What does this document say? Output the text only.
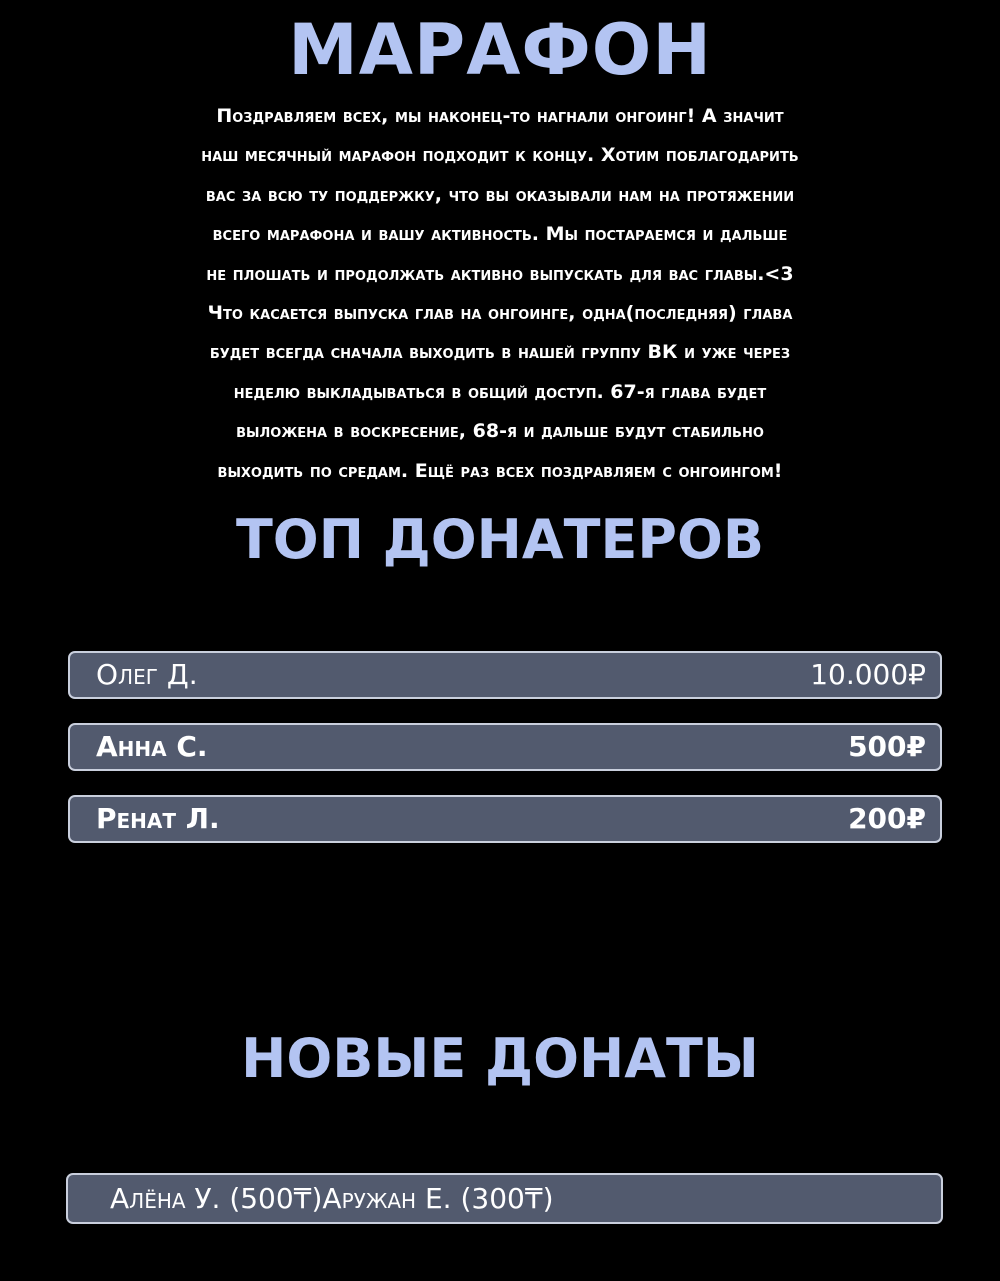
МАРАФОН

Поздравляем всех, мы наконец-то нагнали онгоинг! А значит
наш месячный марафон подходит к концу. Хотим поблагодарить
вас за всю ту поддержку, что вы оказывали нам на протяжении
всего марафона и вашу активность. Мы постараемся и дальше
не плошать и продолжать активно выпускать для вас главы.<3
Что касается выпуска глав на онгоинге, одна(последняя) глава
будет всегда сначала выходить в нашей группу ВК и уже через
неделю выкладываться в общий доступ. 67-я глава будет
выложена в воскресение, 68-я и дальше будут стабильно
выходить по средам. Ещё раз всех поздравляем с онгоингом!

ТОП ДОНАТЕРОВ
Олег Д.	10.000₽
Анна С.	500₽
Ренат Л.	200₽
НОВЫЕ ДОНАТЫ
Алёна У. (500₸)Аружан Е. (300₸)
